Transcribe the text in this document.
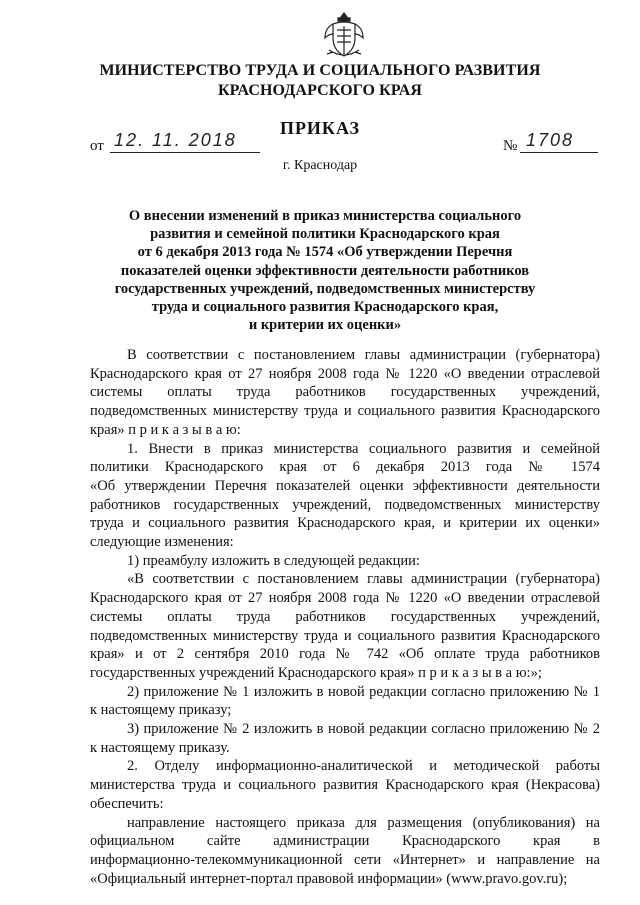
МИНИСТЕРСТВО ТРУДА И СОЦИАЛЬНОГО РАЗВИТИЯ
КРАСНОДАРСКОГО КРАЯ
ПРИКАЗ
от 12. 11. 2018	№ 1708
г. Краснодар
О внесении изменений в приказ министерства социального
развития и семейной политики Краснодарского края
от 6 декабря 2013 года № 1574 «Об утверждении Перечня
показателей оценки эффективности деятельности работников
государственных учреждений, подведомственных министерству
труда и социального развития Краснодарского края,
и критерии их оценки»
В соответствии с постановлением главы администрации (губернатора)
Краснодарского края от 27 ноября 2008 года № 1220 «О введении отраслевой
системы оплаты труда работников государственных учреждений,
подведомственных министерству труда и социального развития Краснодарского
края» п р и к а з ы в а ю:
1. Внести в приказ министерства социального развития и семейной
политики Краснодарского края от 6 декабря 2013 года № 1574
«Об утверждении Перечня показателей оценки эффективности деятельности
работников государственных учреждений, подведомственных министерству
труда и социального развития Краснодарского края, и критерии их оценки»
следующие изменения:
1) преамбулу изложить в следующей редакции:
«В соответствии с постановлением главы администрации (губернатора)
Краснодарского края от 27 ноября 2008 года № 1220 «О введении отраслевой
системы оплаты труда работников государственных учреждений,
подведомственных министерству труда и социального развития Краснодарского
края» и от 2 сентября 2010 года № 742 «Об оплате труда работников
государственных учреждений Краснодарского края» п р и к а з ы в а ю:»;
2) приложение № 1 изложить в новой редакции согласно приложению № 1
к настоящему приказу;
3) приложение № 2 изложить в новой редакции согласно приложению № 2
к настоящему приказу.
2. Отделу информационно-аналитической и методической работы
министерства труда и социального развития Краснодарского края (Некрасова)
обеспечить:
направление настоящего приказа для размещения (опубликования) на
официальном сайте администрации Краснодарского края в
информационно-телекоммуникационной сети «Интернет» и направление на
«Официальный интернет-портал правовой информации» (www.pravo.gov.ru);
